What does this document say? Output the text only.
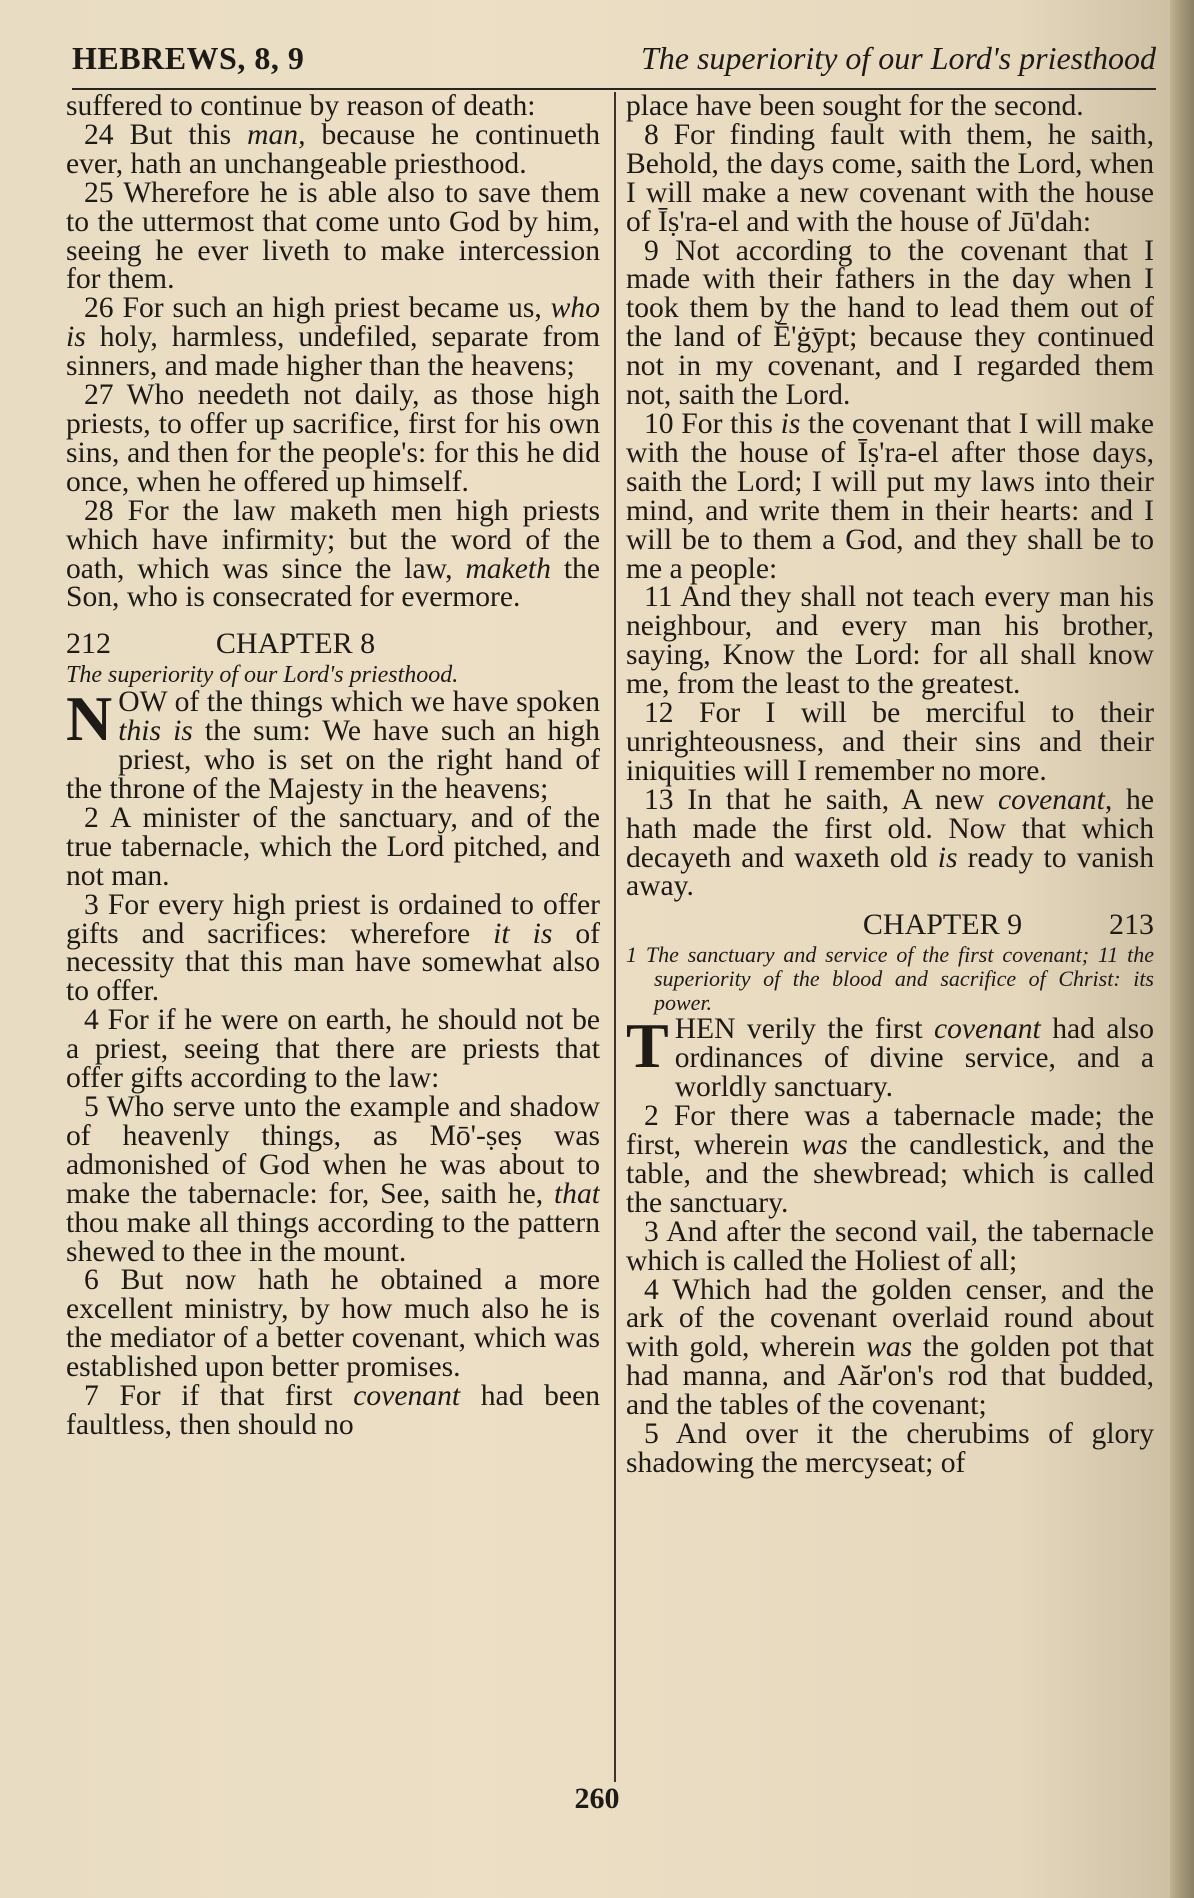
HEBREWS, 8, 9	The superiority of our Lord's priesthood

suffered to continue by reason of death:

24 But this man, because he continueth ever, hath an unchangeable priesthood.

25 Wherefore he is able also to save them to the uttermost that come unto God by him, seeing he ever liveth to make intercession for them.

26 For such an high priest became us, who is holy, harmless, undefiled, separate from sinners, and made higher than the heavens;

27 Who needeth not daily, as those high priests, to offer up sacrifice, first for his own sins, and then for the people's: for this he did once, when he offered up himself.

28 For the law maketh men high priests which have infirmity; but the word of the oath, which was since the law, maketh the Son, who is consecrated for evermore.

212	CHAPTER 8

The superiority of our Lord's priesthood.

NOW of the things which we have spoken this is the sum: We have such an high priest, who is set on the right hand of the throne of the Majesty in the heavens;

2 A minister of the sanctuary, and of the true tabernacle, which the Lord pitched, and not man.

3 For every high priest is ordained to offer gifts and sacrifices: wherefore it is of necessity that this man have somewhat also to offer.

4 For if he were on earth, he should not be a priest, seeing that there are priests that offer gifts according to the law:

5 Who serve unto the example and shadow of heavenly things, as Mō'-ṣeṣ was admonished of God when he was about to make the tabernacle: for, See, saith he, that thou make all things according to the pattern shewed to thee in the mount.

6 But now hath he obtained a more excellent ministry, by how much also he is the mediator of a better covenant, which was established upon better promises.

7 For if that first covenant had been faultless, then should no

place have been sought for the second.

8 For finding fault with them, he saith, Behold, the days come, saith the Lord, when I will make a new covenant with the house of Īṣ'ra-el and with the house of Jū'dah:

9 Not according to the covenant that I made with their fathers in the day when I took them by the hand to lead them out of the land of Ē'ġȳpt; because they continued not in my covenant, and I regarded them not, saith the Lord.

10 For this is the covenant that I will make with the house of Īṣ'ra-el after those days, saith the Lord; I will put my laws into their mind, and write them in their hearts: and I will be to them a God, and they shall be to me a people:

11 And they shall not teach every man his neighbour, and every man his brother, saying, Know the Lord: for all shall know me, from the least to the greatest.

12 For I will be merciful to their unrighteousness, and their sins and their iniquities will I remember no more.

13 In that he saith, A new covenant, he hath made the first old. Now that which decayeth and waxeth old is ready to vanish away.

CHAPTER 9	213

1 The sanctuary and service of the first covenant; 11 the superiority of the blood and sacrifice of Christ: its power.

THEN verily the first covenant had also ordinances of divine service, and a worldly sanctuary.

2 For there was a tabernacle made; the first, wherein was the candlestick, and the table, and the shewbread; which is called the sanctuary.

3 And after the second vail, the tabernacle which is called the Holiest of all;

4 Which had the golden censer, and the ark of the covenant overlaid round about with gold, wherein was the golden pot that had manna, and Aăr'on's rod that budded, and the tables of the covenant;

5 And over it the cherubims of glory shadowing the mercyseat; of

260
